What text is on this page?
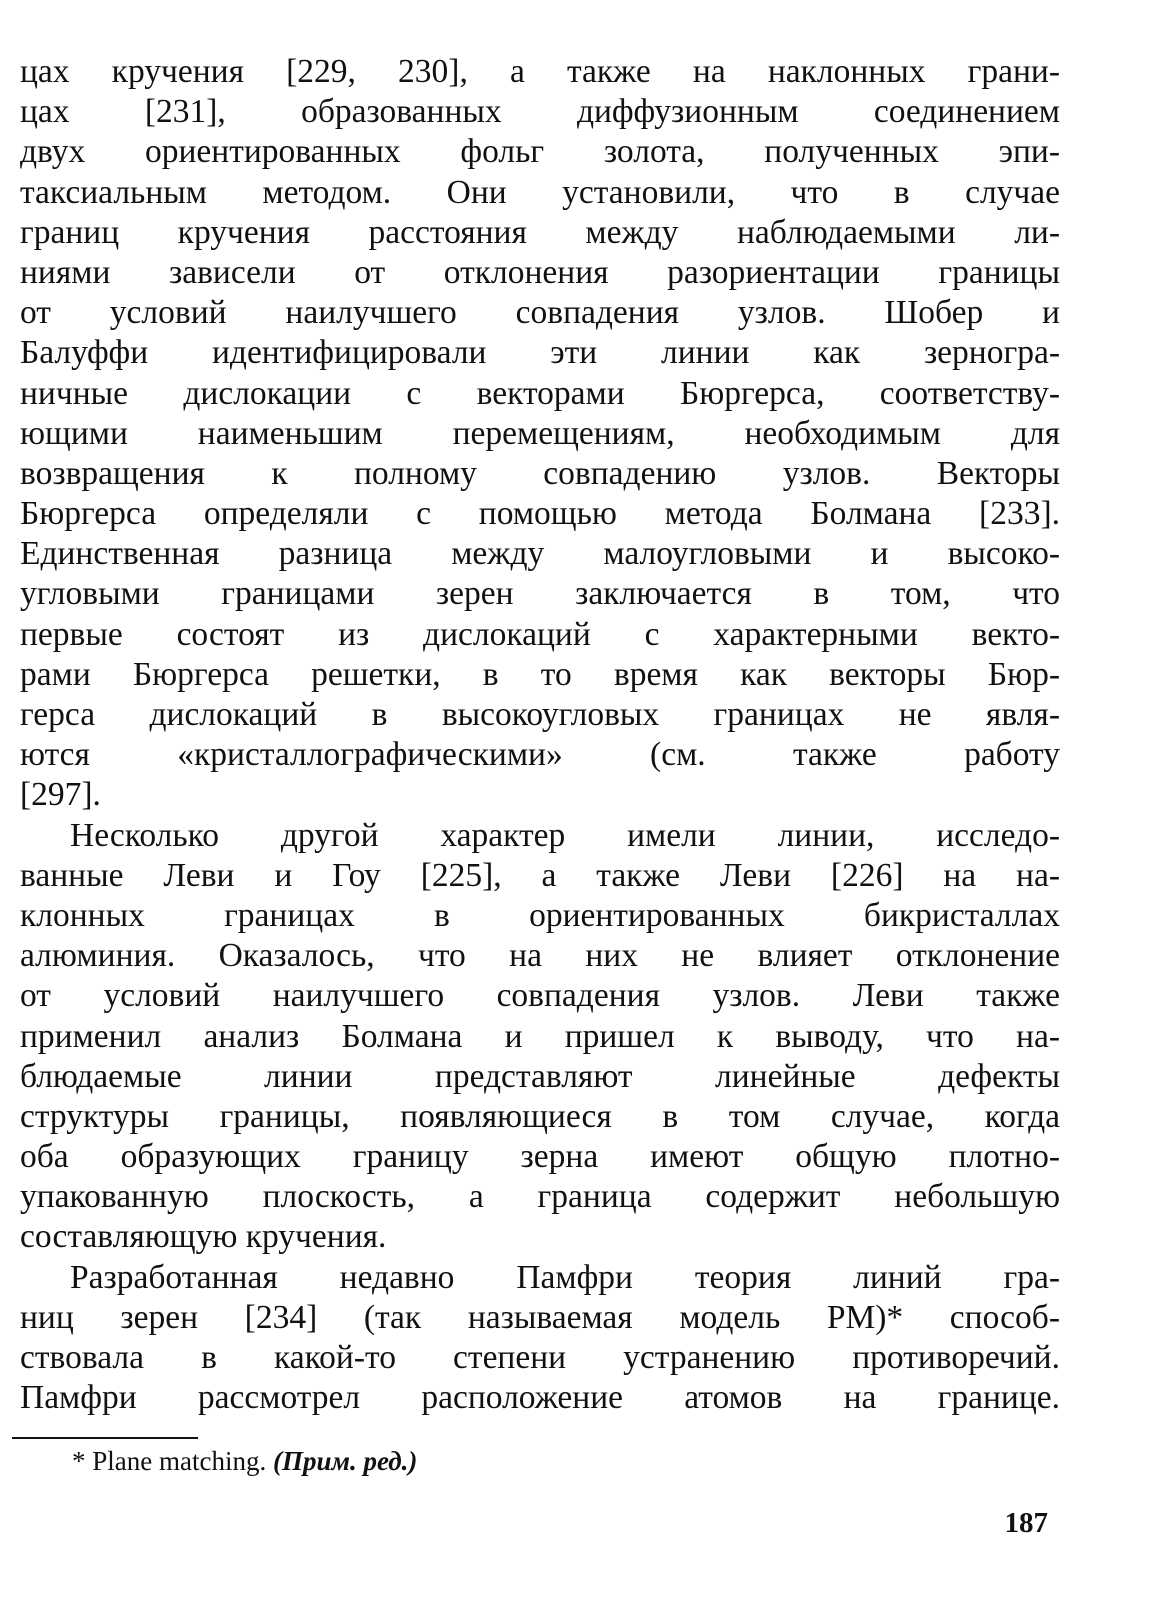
цах кручения [229, 230], а также на наклонных грани-
цах [231], образованных диффузионным соединением
двух ориентированных фольг золота, полученных эпи-
таксиальным методом. Они установили, что в случае
границ кручения расстояния между наблюдаемыми ли-
ниями зависели от отклонения разориентации границы
от условий наилучшего совпадения узлов. Шобер и
Балуффи идентифицировали эти линии как зерногра-
ничные дислокации с векторами Бюргерса, соответству-
ющими наименьшим перемещениям, необходимым для
возвращения к полному совпадению узлов. Векторы
Бюргерса определяли с помощью метода Болмана [233].
Единственная разница между малоугловыми и высоко-
угловыми границами зерен заключается в том, что
первые состоят из дислокаций с характерными векто-
рами Бюргерса решетки, в то время как векторы Бюр-
герса дислокаций в высокоугловых границах не явля-
ются «кристаллографическими» (см. также работу
[297].
Несколько другой характер имели линии, исследо-
ванные Леви и Гоу [225], а также Леви [226] на на-
клонных границах в ориентированных бикристаллах
алюминия. Оказалось, что на них не влияет отклонение
от условий наилучшего совпадения узлов. Леви также
применил анализ Болмана и пришел к выводу, что на-
блюдаемые линии представляют линейные дефекты
структуры границы, появляющиеся в том случае, когда
оба образующих границу зерна имеют общую плотно-
упакованную плоскость, а граница содержит небольшую
составляющую кручения.
Разработанная недавно Памфри теория линий гра-
ниц зерен [234] (так называемая модель PM)* способ-
ствовала в какой-то степени устранению противоречий.
Памфри рассмотрел расположение атомов на границе.
* Plane matching. (Прим. ред.)
187
